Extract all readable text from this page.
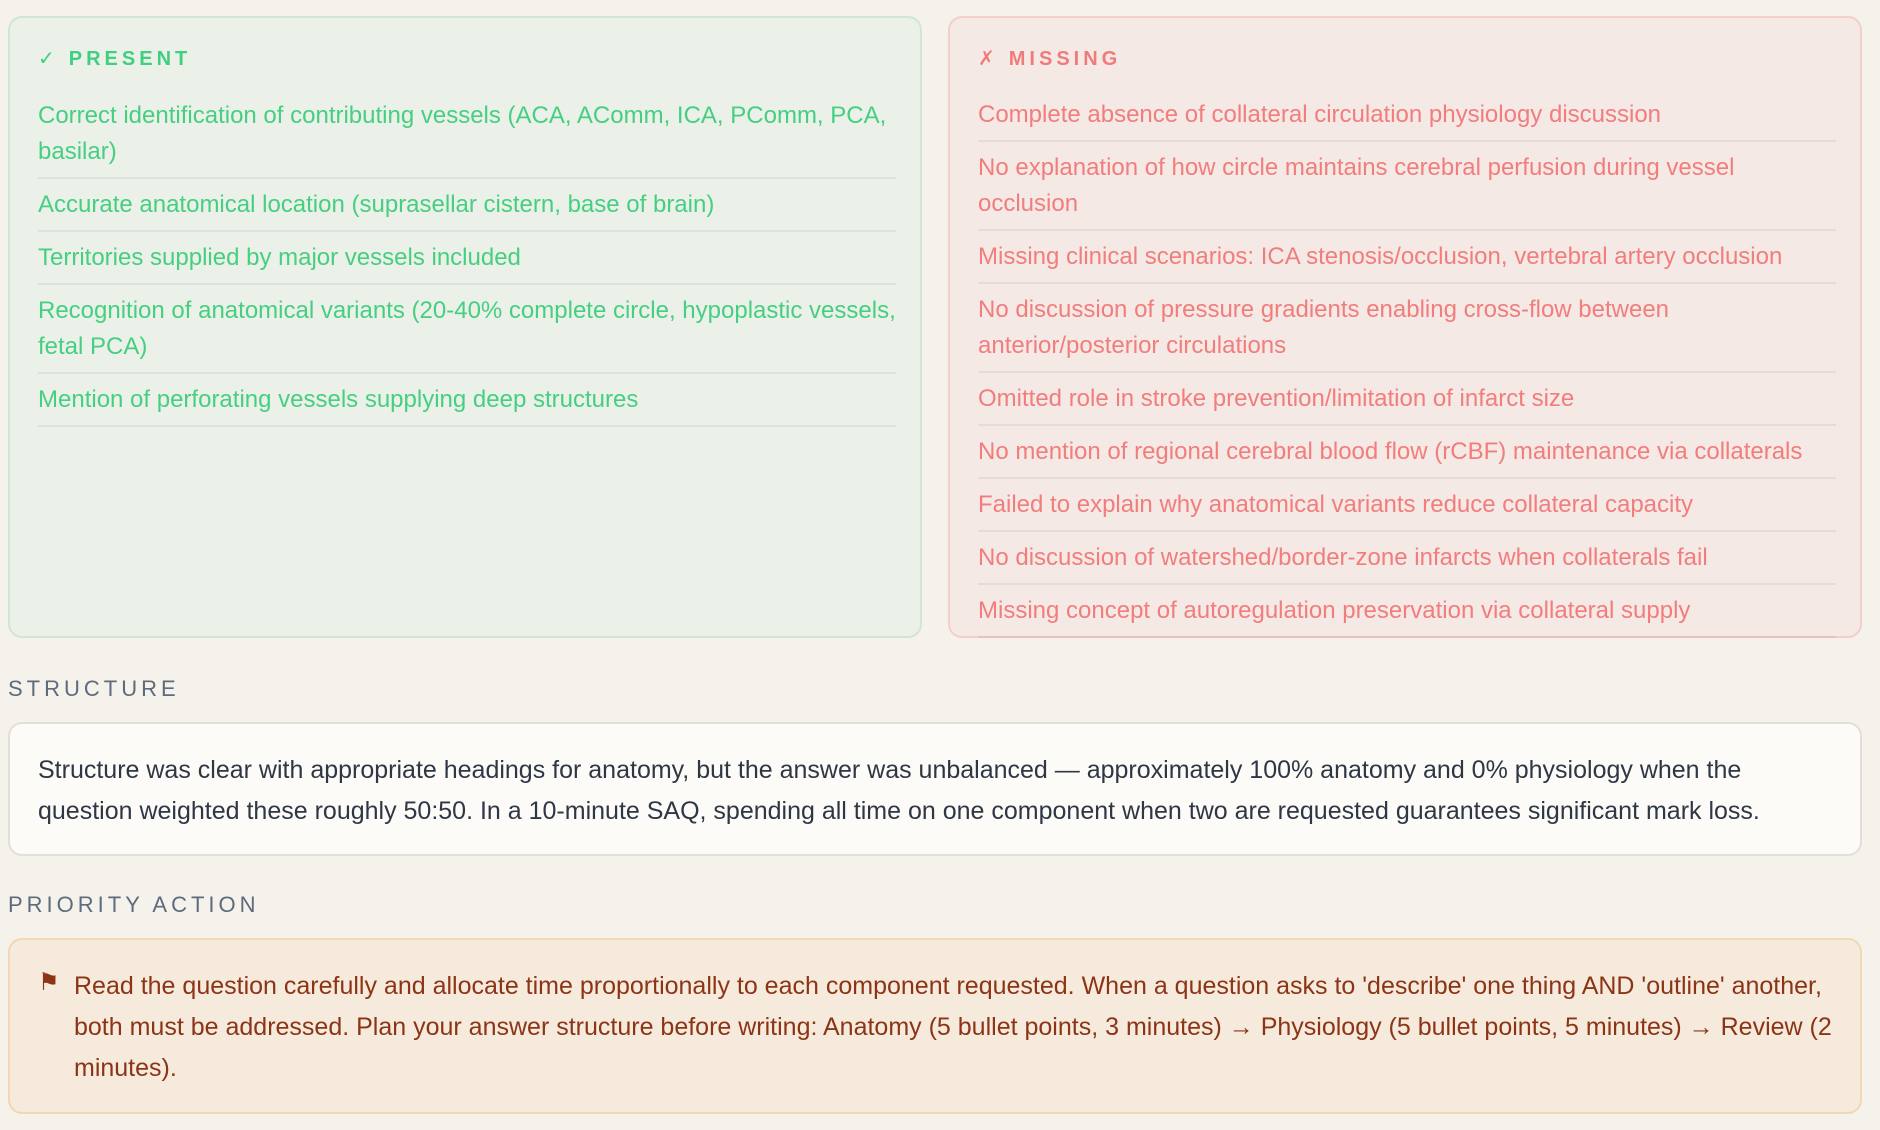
✓ PRESENT
Correct identification of contributing vessels (ACA, AComm, ICA, PComm, PCA, basilar)
Accurate anatomical location (suprasellar cistern, base of brain)
Territories supplied by major vessels included
Recognition of anatomical variants (20-40% complete circle, hypoplastic vessels, fetal PCA)
Mention of perforating vessels supplying deep structures
✗ MISSING
Complete absence of collateral circulation physiology discussion
No explanation of how circle maintains cerebral perfusion during vessel occlusion
Missing clinical scenarios: ICA stenosis/occlusion, vertebral artery occlusion
No discussion of pressure gradients enabling cross-flow between anterior/posterior circulations
Omitted role in stroke prevention/limitation of infarct size
No mention of regional cerebral blood flow (rCBF) maintenance via collaterals
Failed to explain why anatomical variants reduce collateral capacity
No discussion of watershed/border-zone infarcts when collaterals fail
Missing concept of autoregulation preservation via collateral supply
STRUCTURE

Structure was clear with appropriate headings for anatomy, but the answer was unbalanced — approximately 100% anatomy and 0% physiology when the question weighted these roughly 50:50. In a 10-minute SAQ, spending all time on one component when two are requested guarantees significant mark loss.

PRIORITY ACTION
⚑ Read the question carefully and allocate time proportionally to each component requested. When a question asks to 'describe' one thing AND 'outline' another, both must be addressed. Plan your answer structure before writing: Anatomy (5 bullet points, 3 minutes) → Physiology (5 bullet points, 5 minutes) → Review (2 minutes).
